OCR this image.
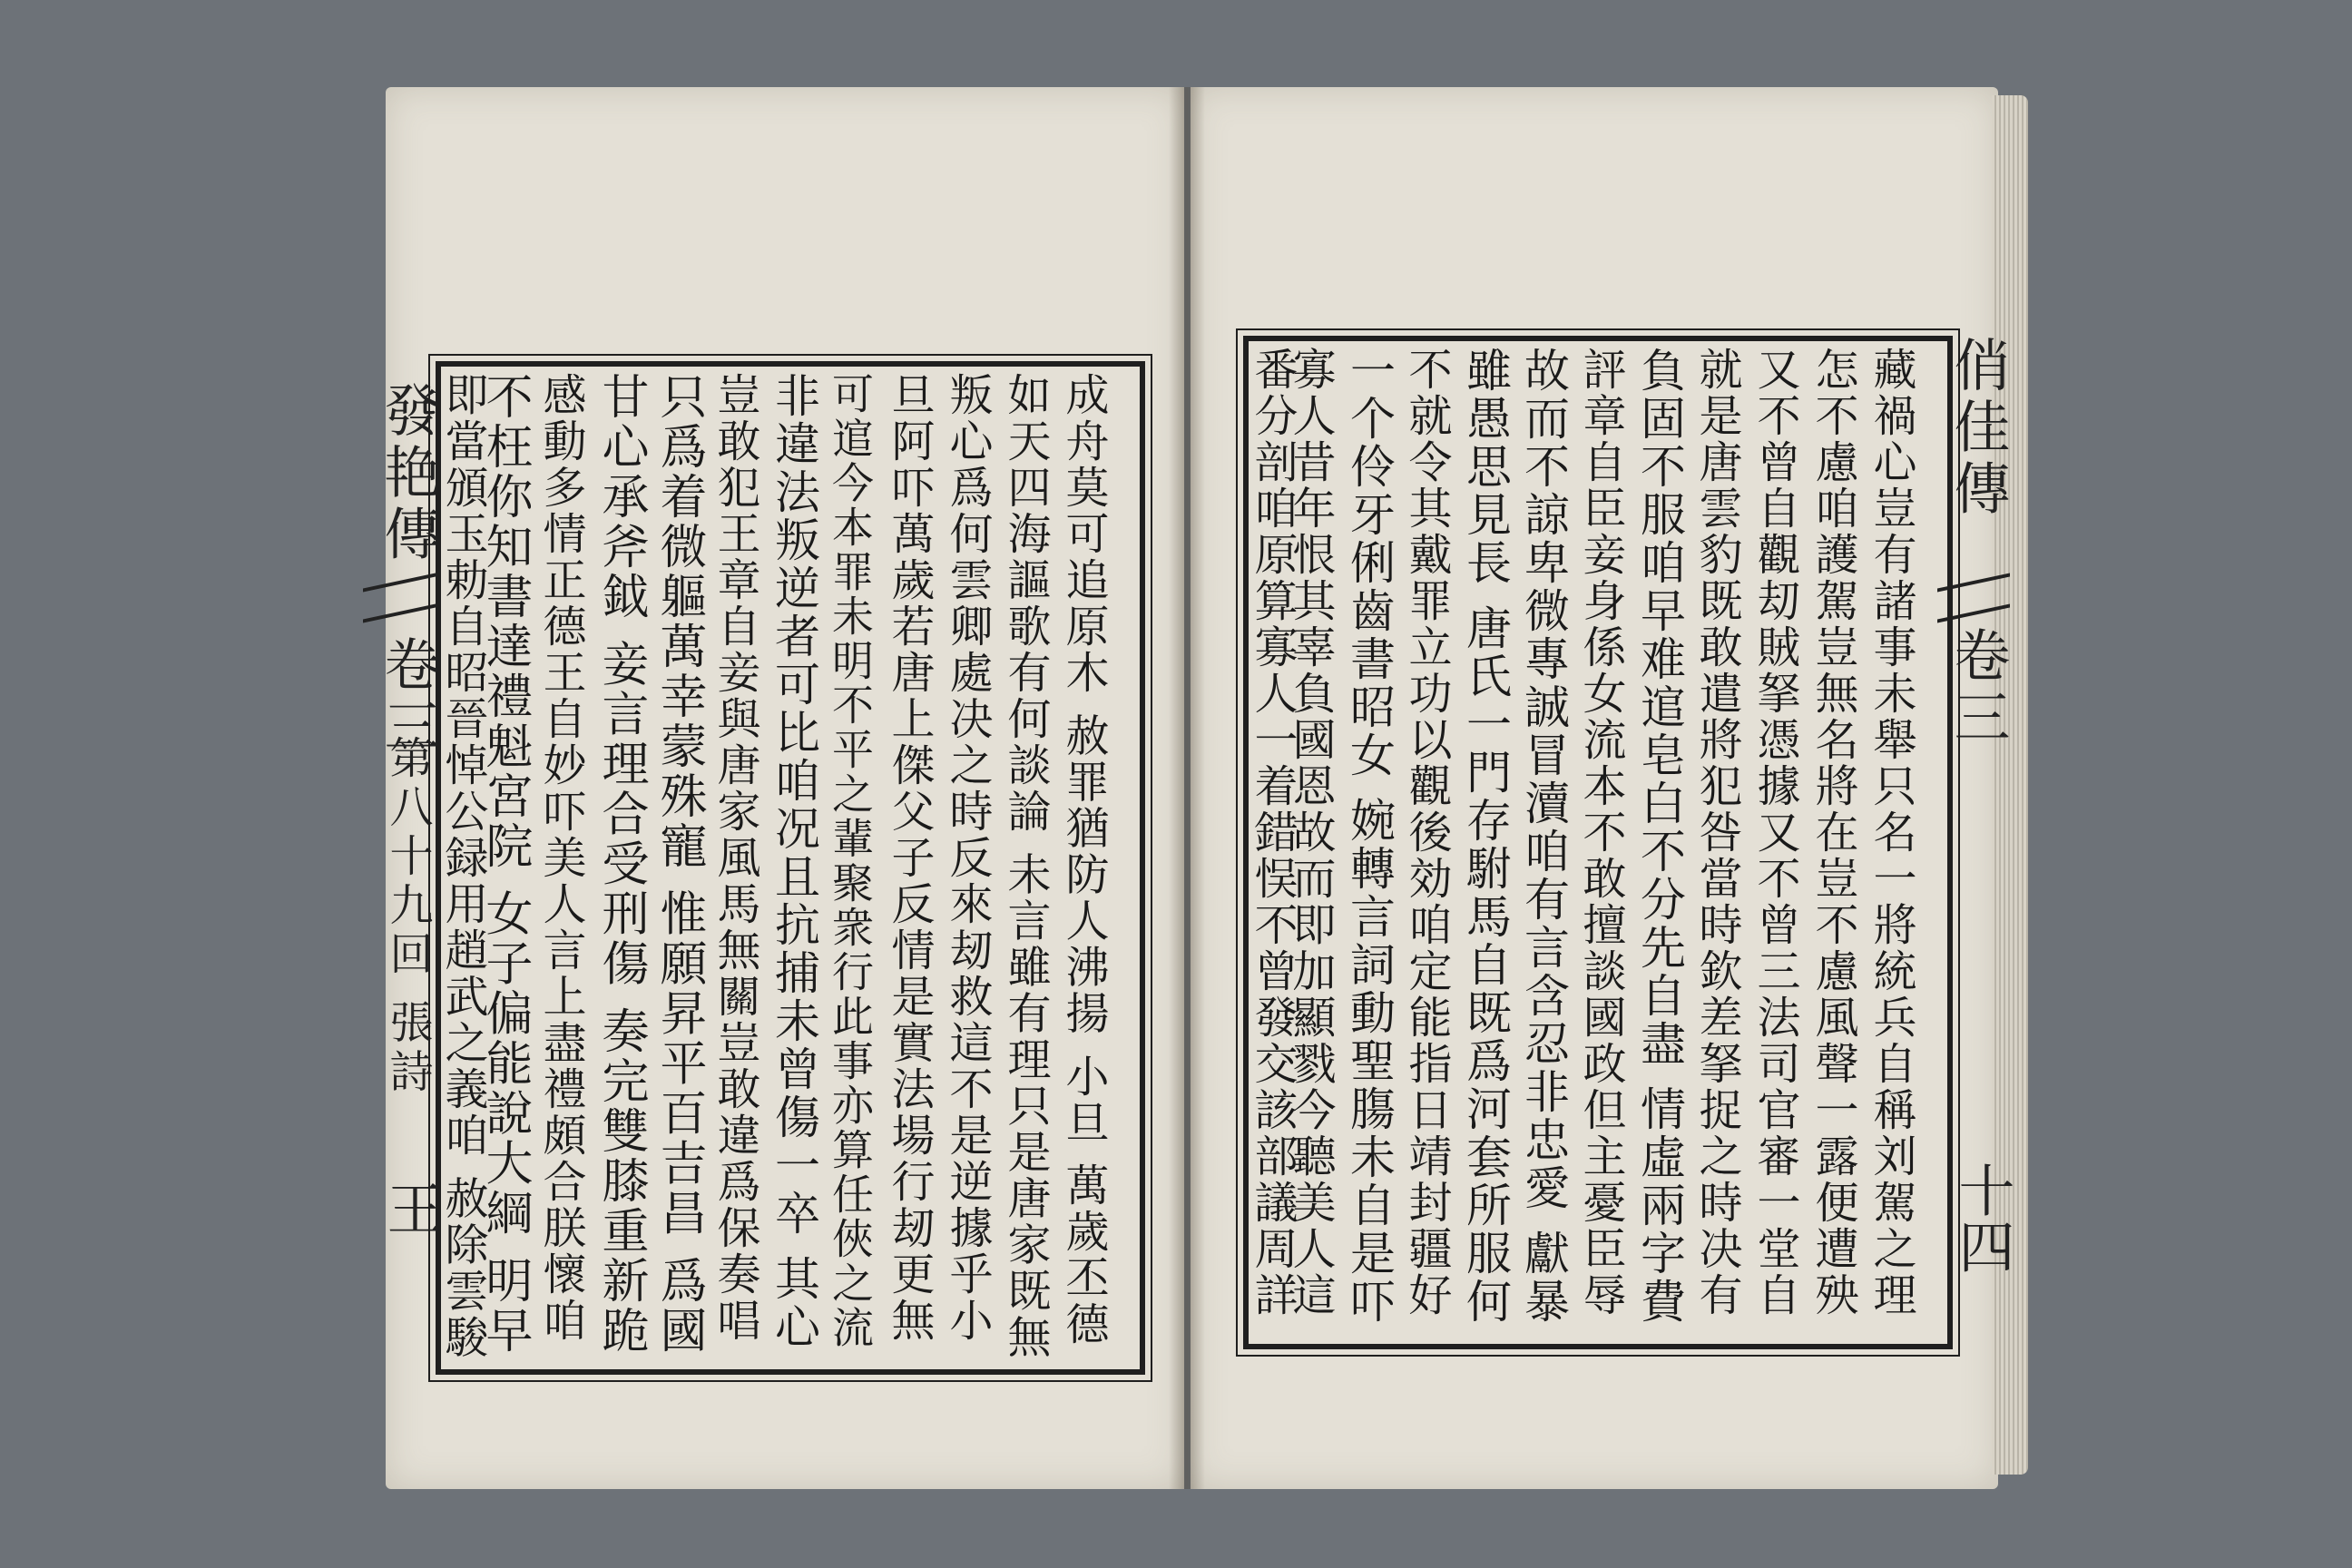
發艳傳
卷三
第八十九回 張詩
王
俏佳傳
卷三
十四
成舟莫可追原木 赦罪猶防人沸揚 小旦 萬歲丕德
如天四海謳歌有何談論 未言雖有理只是唐家既無
叛心爲何雲卿處决之時反來刼救這不是逆據乎小
旦阿吓萬歲若唐上傑父子反情是實法場行刼更無
可逭今本罪未明不平之輩聚衆行此事亦算任俠之流
非違法叛逆者可比咱况且抗捕未曾傷一卒 其心
豈敢犯王章自妾與唐家風馬無關豈敢違爲保奏唱
只爲着微軀萬幸蒙殊寵 惟願昇平百吉昌 爲國
甘心承斧鉞 妾言理合受刑傷 奏完雙膝重新跪
感動多情正德王自妙吓美人言上盡禮頗合朕懷咱
不枉你知書達禮魁宮院 女子偏能說大綱 明早
即當頒玉勅自昭晉悼公録用趙武之義咱 赦除雲駿	藏禍心豈有諸事未舉只名一將統兵自稱刘駕之理
怎不慮咱護駕豈無名將在豈不慮風聲一露便遭殃
又不曾自觀刧賊拏憑據又不曾三法司官審一堂自
就是唐雲豹既敢遣將犯咎當時欽差拏捉之時决有
負固不服咱早难逭皂白不分先自盡 情虛兩字費
評章自臣妾身係女流本不敢擅談國政但主憂臣辱
故而不諒卑微專誠冒瀆咱有言含忍非忠愛 獻暴
雖愚思見長 唐氏一門存駙馬自既爲河套所服何
不就令其戴罪立功以觀後効咱定能指日靖封疆好
一个伶牙俐齒書昭女 婉轉言詞動聖膓未自是吓
寡人昔年恨其辜負國恩故而即加顯戮今聽美人這
番分剖咱原算寡人一着錯悮不曾發交該部議周詳
